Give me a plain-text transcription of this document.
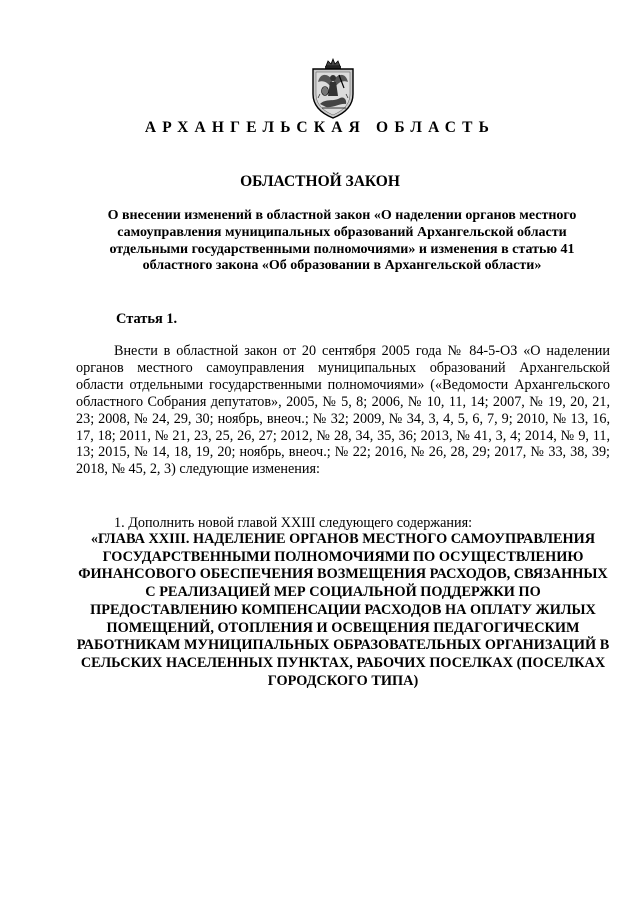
АРХАНГЕЛЬСКАЯ ОБЛАСТЬ
ОБЛАСТНОЙ ЗАКОН

О внесении изменений в областной закон «О наделении органов местного самоуправления муниципальных образований Архангельской области отдельными государственными полномочиями» и изменения в статью 41 областного закона «Об образовании в Архангельской области»

Статья 1.

Внести в областной закон от 20 сентября 2005 года № 84-5-ОЗ «О наделении органов местного самоуправления муниципальных образований Архангельской области отдельными государственными полномочиями» («Ведомости Архангельского областного Собрания депутатов», 2005, № 5, 8; 2006, № 10, 11, 14; 2007, № 19, 20, 21, 23; 2008, № 24, 29, 30; ноябрь, внеоч.; № 32; 2009, № 34, 3, 4, 5, 6, 7, 9; 2010, № 13, 16, 17, 18; 2011, № 21, 23, 25, 26, 27; 2012, № 28, 34, 35, 36; 2013, № 41, 3, 4; 2014, № 9, 11, 13; 2015, № 14, 18, 19, 20; ноябрь, внеоч.; № 22; 2016, № 26, 28, 29; 2017, № 33, 38, 39; 2018, № 45, 2, 3) следующие изменения:

1. Дополнить новой главой XXIII следующего содержания:

«ГЛАВА XXIII. НАДЕЛЕНИЕ ОРГАНОВ МЕСТНОГО САМОУПРАВЛЕНИЯ ГОСУДАРСТВЕННЫМИ ПОЛНОМОЧИЯМИ ПО ОСУЩЕСТВЛЕНИЮ ФИНАНСОВОГО ОБЕСПЕЧЕНИЯ ВОЗМЕЩЕНИЯ РАСХОДОВ, СВЯЗАННЫХ С РЕАЛИЗАЦИЕЙ МЕР СОЦИАЛЬНОЙ ПОДДЕРЖКИ ПО ПРЕДОСТАВЛЕНИЮ КОМПЕНСАЦИИ РАСХОДОВ НА ОПЛАТУ ЖИЛЫХ ПОМЕЩЕНИЙ, ОТОПЛЕНИЯ И ОСВЕЩЕНИЯ ПЕДАГОГИЧЕСКИМ РАБОТНИКАМ МУНИЦИПАЛЬНЫХ ОБРАЗОВАТЕЛЬНЫХ ОРГАНИЗАЦИЙ В СЕЛЬСКИХ НАСЕЛЕННЫХ ПУНКТАХ, РАБОЧИХ ПОСЕЛКАХ (ПОСЕЛКАХ ГОРОДСКОГО ТИПА)
